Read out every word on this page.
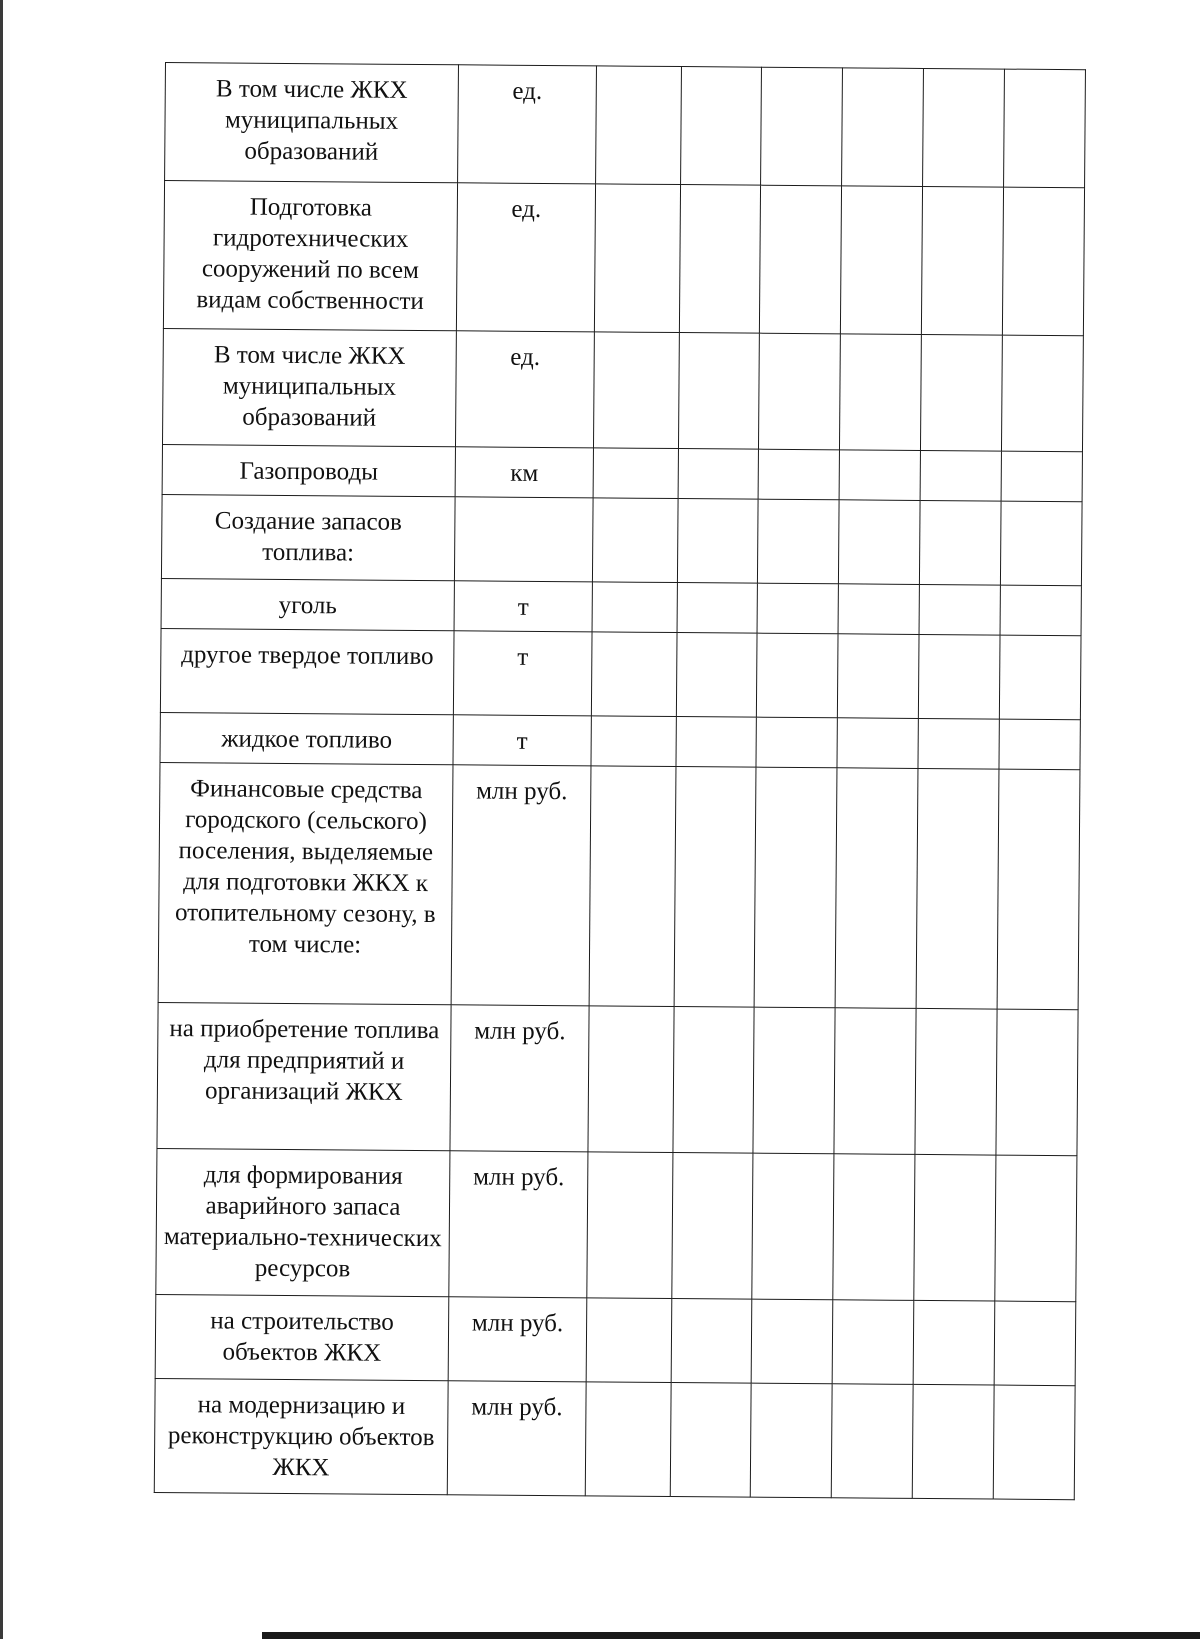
В том числе ЖКХ муниципальных образований	ед.						
Подготовка гидротехнических сооружений по всем видам собственности	ед.						
В том числе ЖКХ муниципальных образований	ед.						
Газопроводы	км						
Создание запасов топлива:							
уголь	т						
другое твердое топливо	т						
жидкое топливо	т						
Финансовые средства городского (сельского) поселения, выделяемые для подготовки ЖКХ к отопительному сезону, в том числе:	млн руб.						
на приобретение топлива для предприятий и организаций ЖКХ	млн руб.						
для формирования аварийного запаса материально-технических ресурсов	млн руб.						
на строительство объектов ЖКХ	млн руб.						
на модернизацию и реконструкцию объектов ЖКХ	млн руб.						
